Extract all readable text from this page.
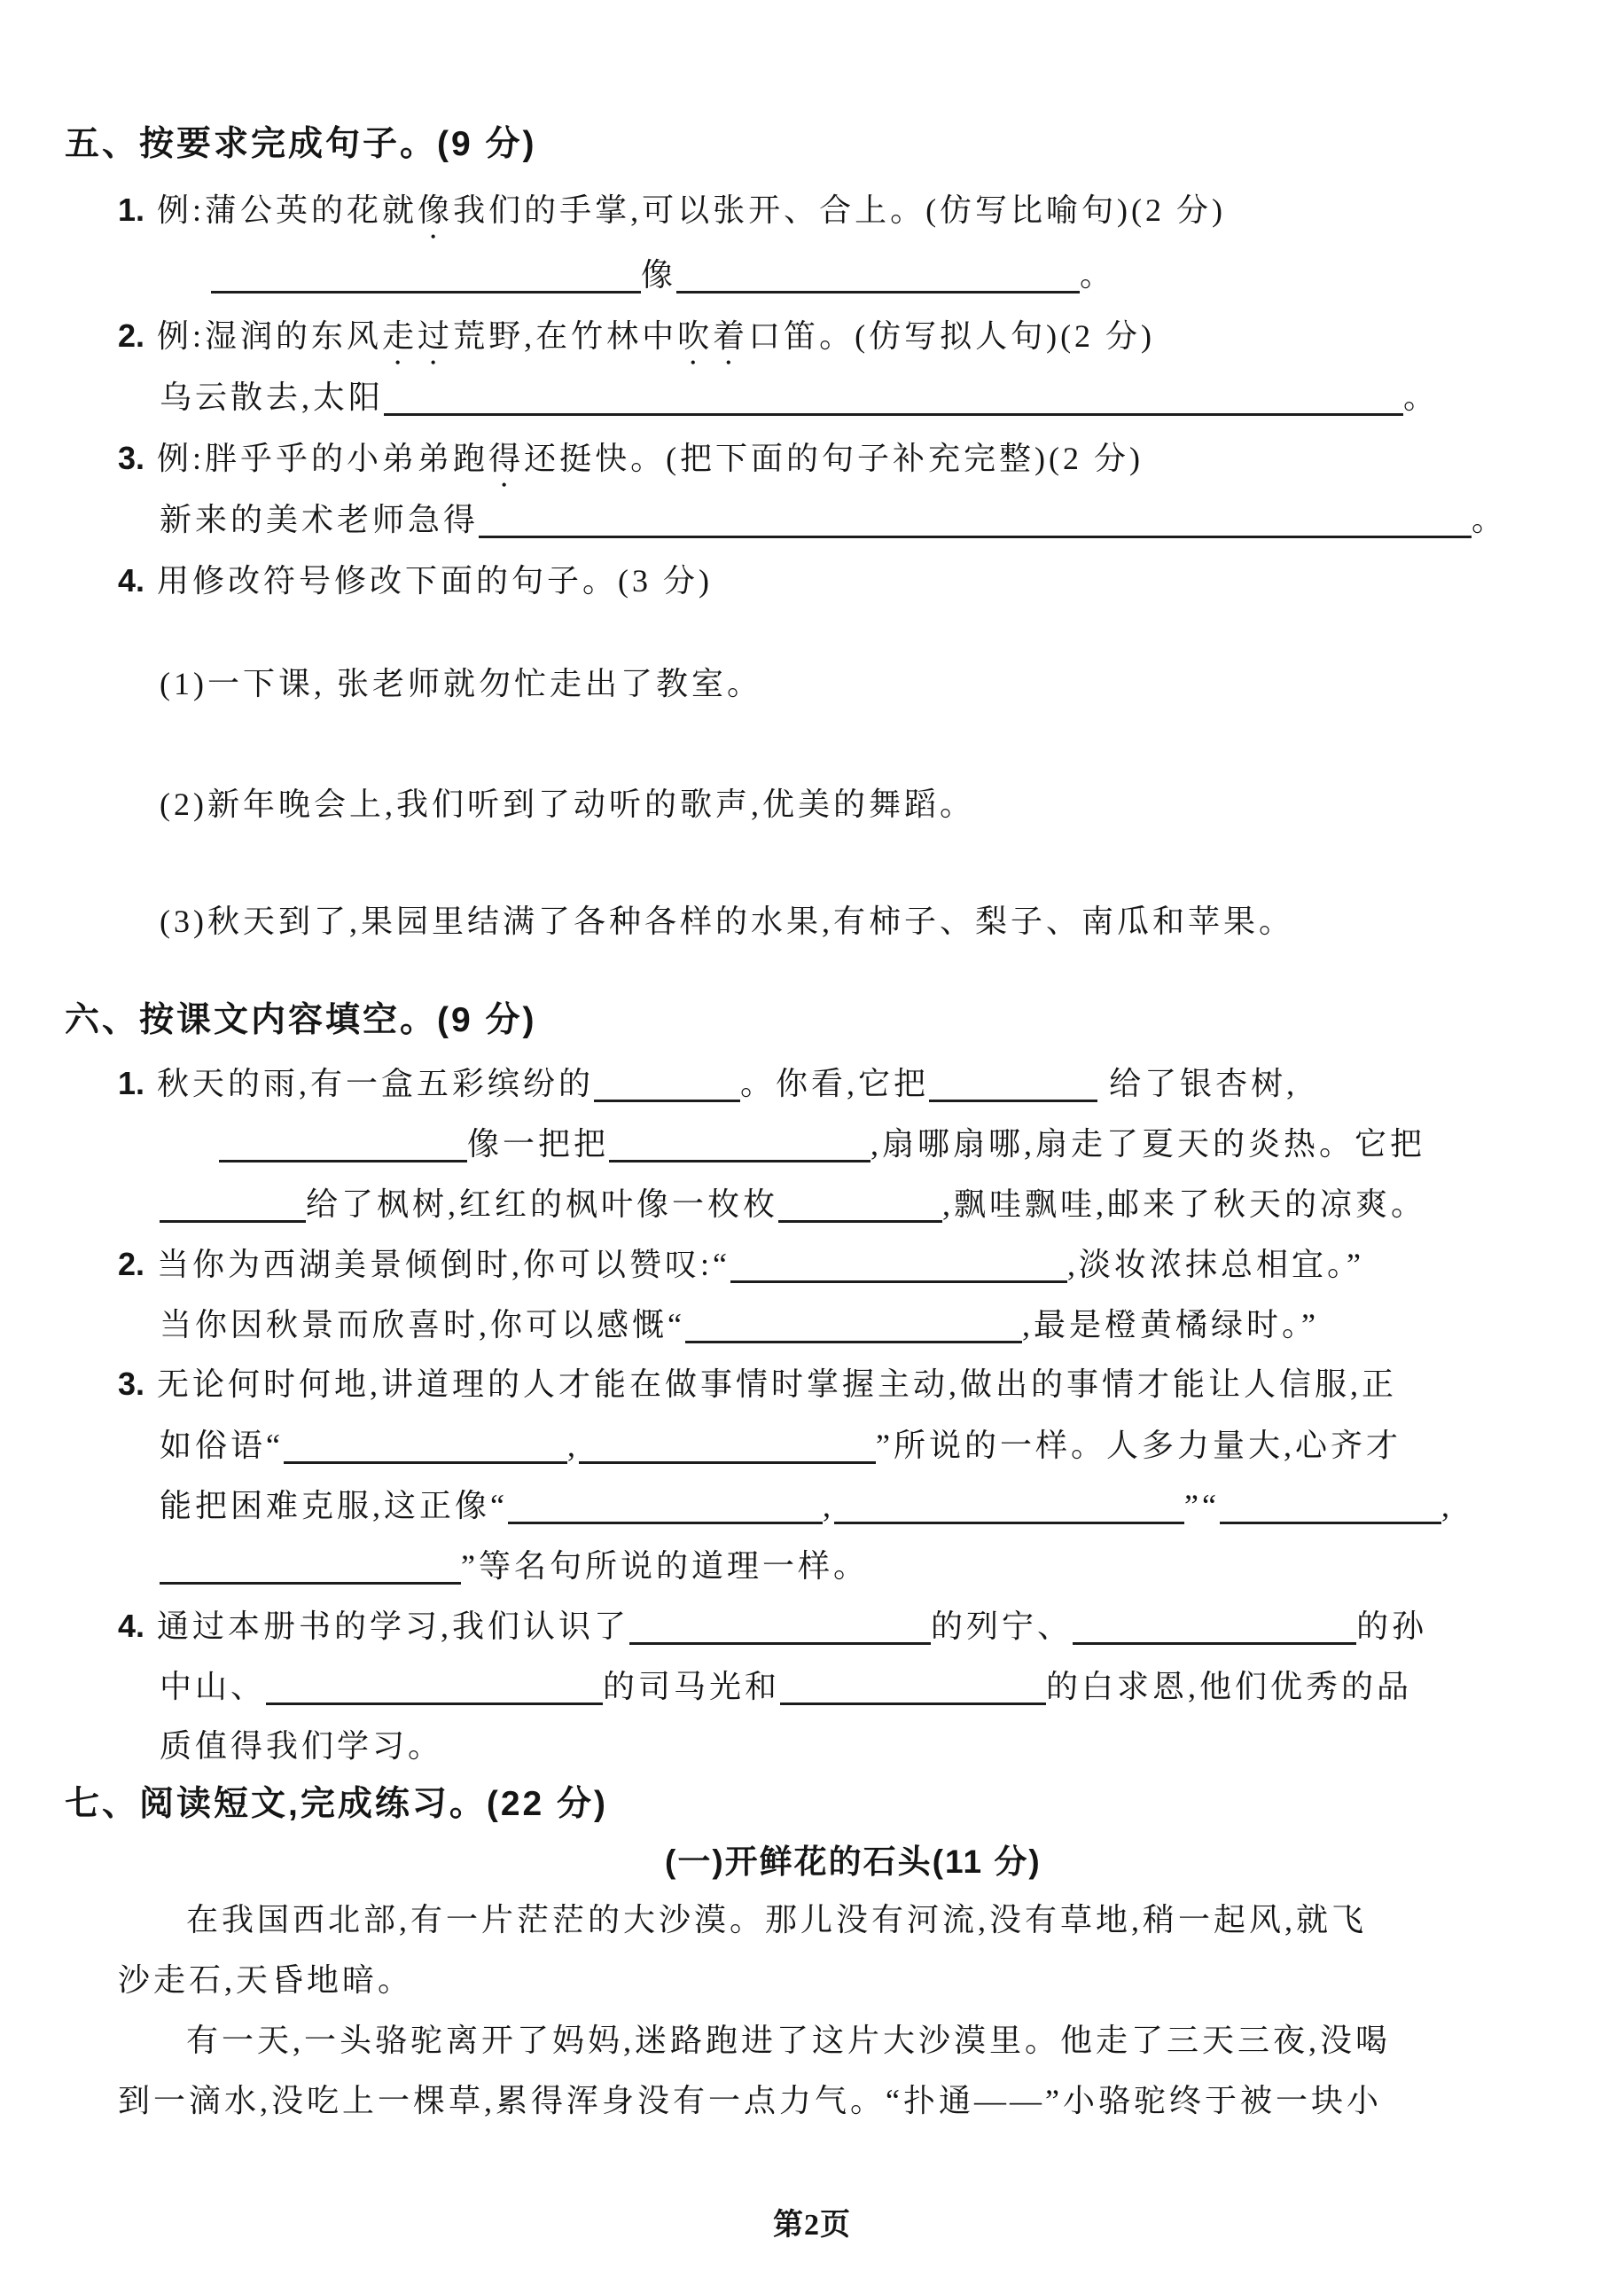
五、按要求完成句子。(9 分)
1. 例:蒲公英的花就像我们的手掌,可以张开、合上。(仿写比喻句)(2 分)
像	。
2. 例:湿润的东风走过荒野,在竹林中吹着口笛。(仿写拟人句)(2 分)
乌云散去,太阳	。
3. 例:胖乎乎的小弟弟跑得还挺快。(把下面的句子补充完整)(2 分)
新来的美术老师急得	。
4. 用修改符号修改下面的句子。(3 分)
(1)一下课, 张老师就勿忙走出了教室。
(2)新年晚会上,我们听到了动听的歌声,优美的舞蹈。
(3)秋天到了,果园里结满了各种各样的水果,有柿子、梨子、南瓜和苹果。
六、按课文内容填空。(9 分)
1. 秋天的雨,有一盒五彩缤纷的	。你看,它把	给了银杏树,
像一把把	,扇哪扇哪,扇走了夏天的炎热。它把
给了枫树,红红的枫叶像一枚枚	,飘哇飘哇,邮来了秋天的凉爽。
2. 当你为西湖美景倾倒时,你可以赞叹:“	,淡妆浓抹总相宜。”
当你因秋景而欣喜时,你可以感慨“	,最是橙黄橘绿时。”
3. 无论何时何地,讲道理的人才能在做事情时掌握主动,做出的事情才能让人信服,正
如俗语“	,	”所说的一样。人多力量大,心齐才
能把困难克服,这正像“	,	”“	,
”等名句所说的道理一样。
4. 通过本册书的学习,我们认识了	的列宁、	的孙
中山、	的司马光和	的白求恩,他们优秀的品
质值得我们学习。
七、阅读短文,完成练习。(22 分)
(一)开鲜花的石头(11 分)
在我国西北部,有一片茫茫的大沙漠。那儿没有河流,没有草地,稍一起风,就飞
沙走石,天昏地暗。
有一天,一头骆驼离开了妈妈,迷路跑进了这片大沙漠里。他走了三天三夜,没喝
到一滴水,没吃上一棵草,累得浑身没有一点力气。“扑通——”小骆驼终于被一块小
第2页
